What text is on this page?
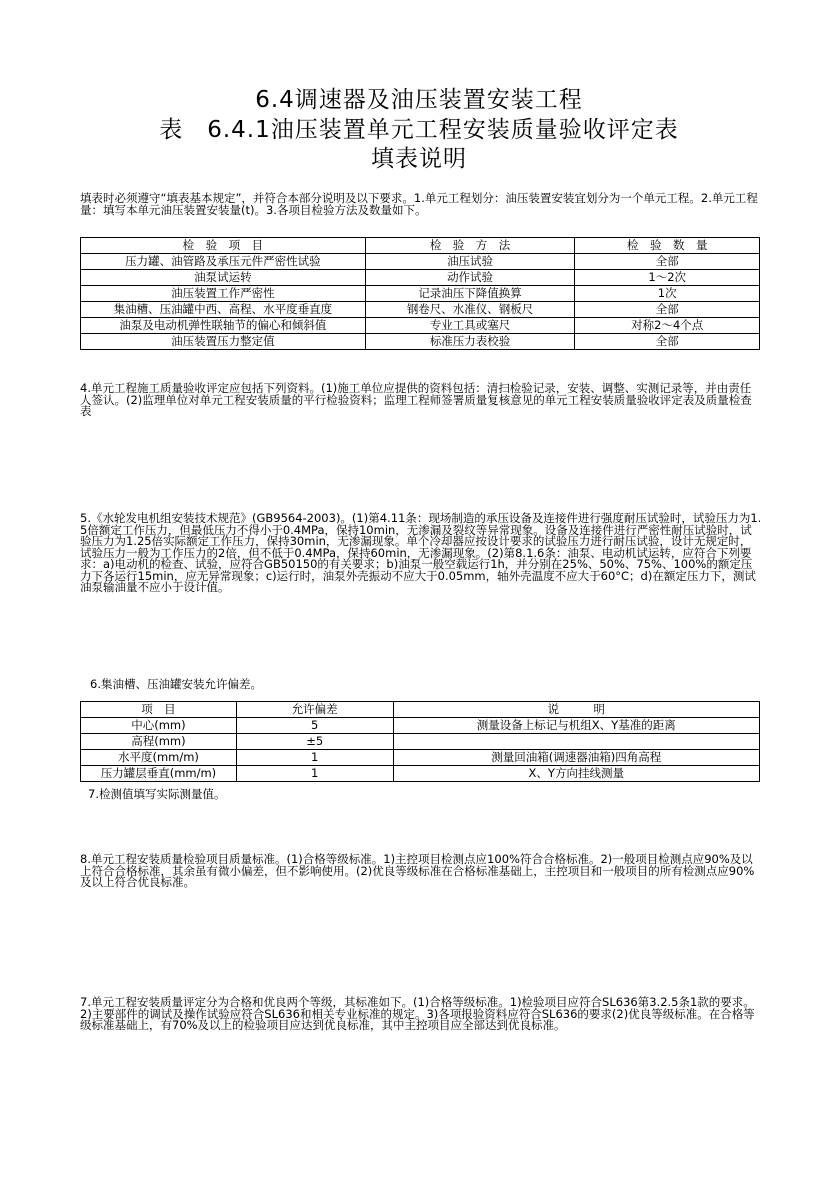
6.4调速器及油压装置安装工程
表　6.4.1油压装置单元工程安装质量验收评定表
填表说明
填表时必须遵守“填表基本规定”，并符合本部分说明及以下要求。1.单元工程划分：油压装置安装宜划分为一个单元工程。2.单元工程量：填写本单元油压装置安装量(t)。3.各项目检验方法及数量如下。
检　验　项　目	检　验　方　法	检　验　数　量
压力罐、油管路及承压元件严密性试验	油压试验	全部
油泵试运转	动作试验	1～2次
油压装置工作严密性	记录油压下降值换算	1次
集油槽、压油罐中西、高程、水平度垂直度	钢卷尺、水准仪、钢板尺	全部
油泵及电动机弹性联轴节的偏心和倾斜值	专业工具或塞尺	对称2～4个点
油压装置压力整定值	标准压力表校验	全部
4.单元工程施工质量验收评定应包括下列资料。(1)施工单位应提供的资料包括：清扫检验记录，安装、调整、实测记录等，并由责任人签认。(2)监理单位对单元工程安装质量的平行检验资料；监理工程师签署质量复核意见的单元工程安装质量验收评定表及质量检查表
5.《水轮发电机组安装技术规范》(GB9564-2003)。(1)第4.11条：现场制造的承压设备及连接件进行强度耐压试验时，试验压力为1.5倍额定工作压力，但最低压力不得小于0.4MPa，保持10min，无渗漏及裂纹等异常现象。设备及连接件进行严密性耐压试验时，试验压力为1.25倍实际额定工作压力，保持30min，无渗漏现象。单个冷却器应按设计要求的试验压力进行耐压试验，设计无规定时，试验压力一般为工作压力的2倍，但不低于0.4MPa，保持60min，无渗漏现象。(2)第8.1.6条：油泵、电动机试运转，应符合下列要求：a)电动机的检查、试验，应符合GB50150的有关要求；b)油泵一般空载运行1h，并分别在25%、50%、75%、100%的额定压力下各运行15min，应无异常现象；c)运行时，油泵外壳振动不应大于0.05mm，轴外壳温度不应大于60°C；d)在额定压力下，测试油泵输油量不应小于设计值。
6.集油槽、压油罐安装允许偏差。
项　目	允许偏差	说　　　明
中心(mm)	5	测量设备上标记与机组X、Y基准的距离
高程(mm)	±5	
水平度(mm/m)	1	测量回油箱(调速器油箱)四角高程
压力罐层垂直(mm/m)	1	X、Y方向挂线测量
7.检测值填写实际测量值。
8.单元工程安装质量检验项目质量标准。(1)合格等级标准。1)主控项目检测点应100%符合合格标准。2)一般项目检测点应90%及以上符合合格标准，其余虽有微小偏差，但不影响使用。(2)优良等级标准在合格标准基础上，主控项目和一般项目的所有检测点应90%及以上符合优良标准。
7.单元工程安装质量评定分为合格和优良两个等级，其标准如下。(1)合格等级标准。1)检验项目应符合SL636第3.2.5条1款的要求。2)主要部件的调试及操作试验应符合SL636和相关专业标准的规定。3)各项报验资料应符合SL636的要求(2)优良等级标准。在合格等级标准基础上，有70%及以上的检验项目应达到优良标准，其中主控项目应全部达到优良标准。
